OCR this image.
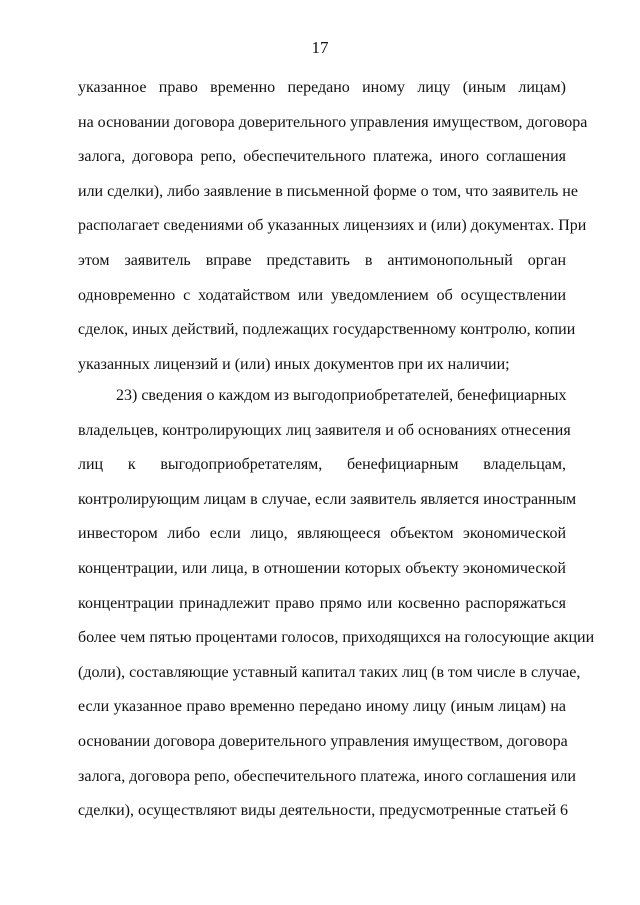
17
указанное право временно передано иному лицу (иным лицам)
на основании договора доверительного управления имуществом, договора
залога, договора репо, обеспечительного платежа, иного соглашения
или сделки), либо заявление в письменной форме о том, что заявитель не
располагает сведениями об указанных лицензиях и (или) документах. При
этом заявитель вправе представить в антимонопольный орган
одновременно с ходатайством или уведомлением об осуществлении
сделок, иных действий, подлежащих государственному контролю, копии
указанных лицензий и (или) иных документов при их наличии;
23) сведения о каждом из выгодоприобретателей, бенефициарных
владельцев, контролирующих лиц заявителя и об основаниях отнесения
лиц к выгодоприобретателям, бенефициарным владельцам,
контролирующим лицам в случае, если заявитель является иностранным
инвестором либо если лицо, являющееся объектом экономической
концентрации, или лица, в отношении которых объекту экономической
концентрации принадлежит право прямо или косвенно распоряжаться
более чем пятью процентами голосов, приходящихся на голосующие акции
(доли), составляющие уставный капитал таких лиц (в том числе в случае,
если указанное право временно передано иному лицу (иным лицам) на
основании договора доверительного управления имуществом, договора
залога, договора репо, обеспечительного платежа, иного соглашения или
сделки), осуществляют виды деятельности, предусмотренные статьей 6
